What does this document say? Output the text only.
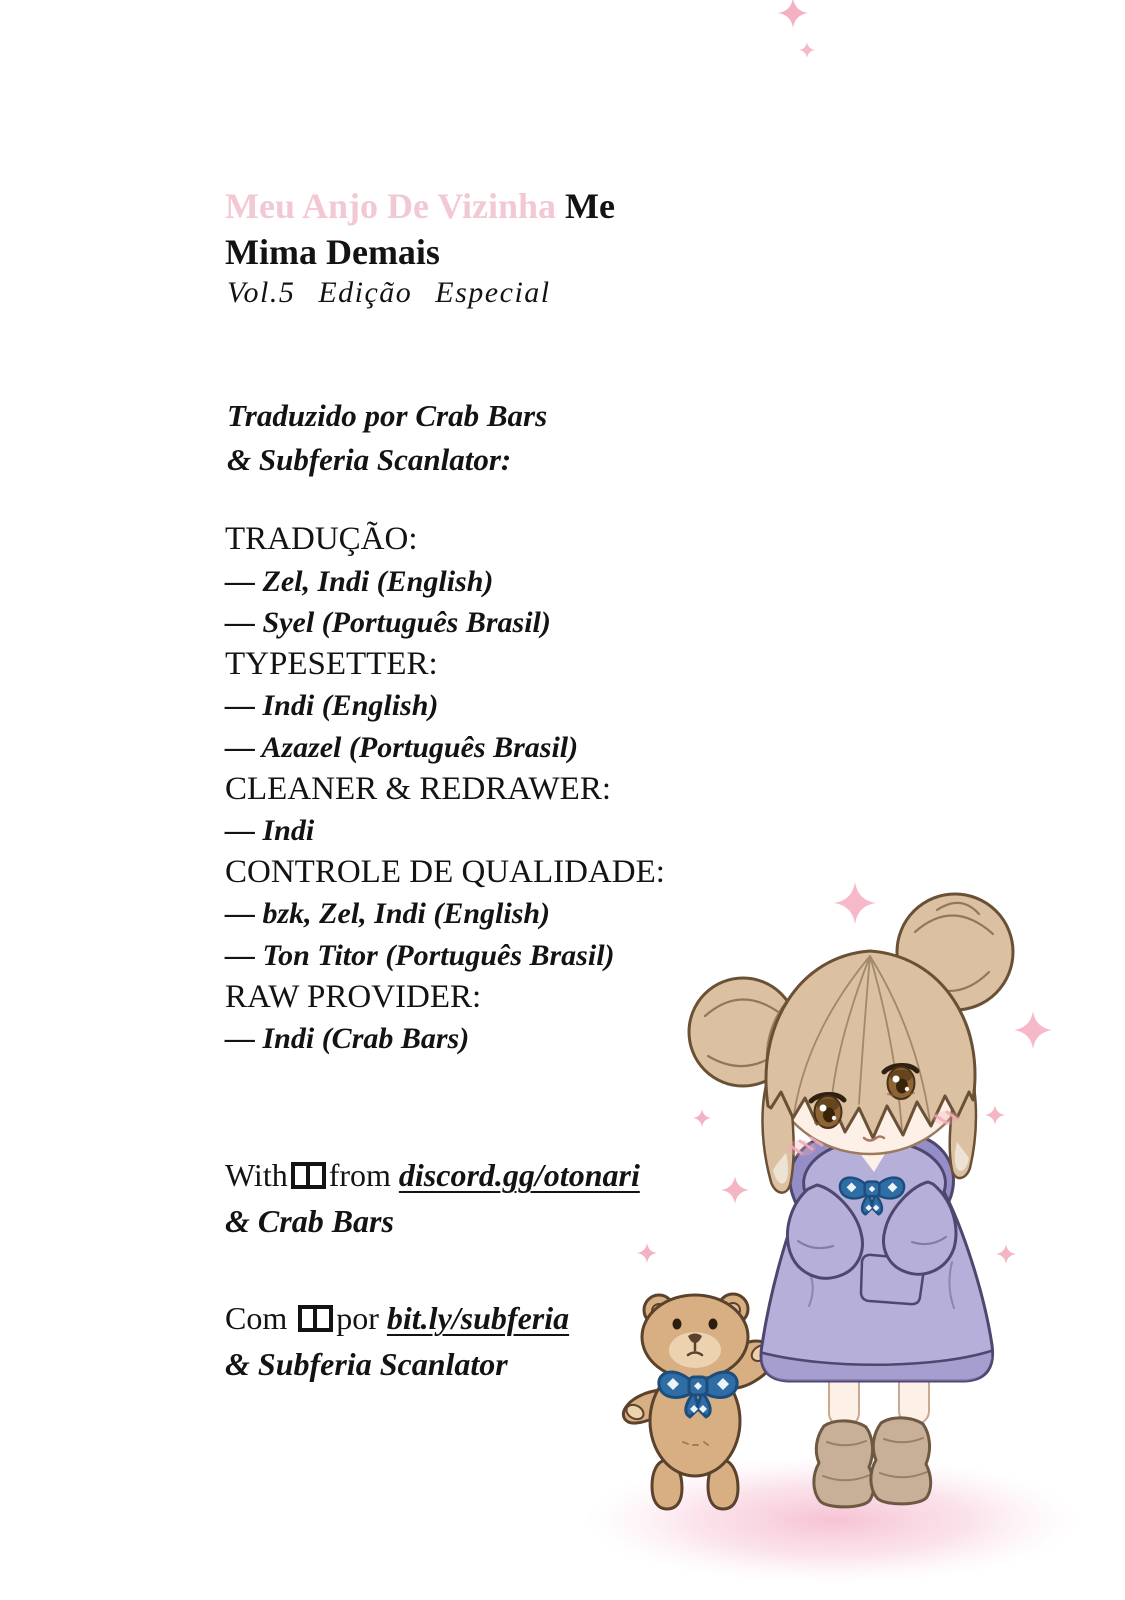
Meu Anjo De Vizinha Me
Mima Demais
Vol.5 Edição Especial
Traduzido por Crab Bars
& Subferia Scanlator:
TRADUÇÃO:
— Zel, Indi (English)
— Syel (Português Brasil)
TYPESETTER:
— Indi (English)
— Azazel (Português Brasil)
CLEANER & REDRAWER:
— Indi
CONTROLE DE QUALIDADE:
— bzk, Zel, Indi (English)
— Ton Titor (Português Brasil)
RAW PROVIDER:
— Indi (Crab Bars)
With from discord.gg/otonari
& Crab Bars
Com por bit.ly/subferia
& Subferia Scanlator
